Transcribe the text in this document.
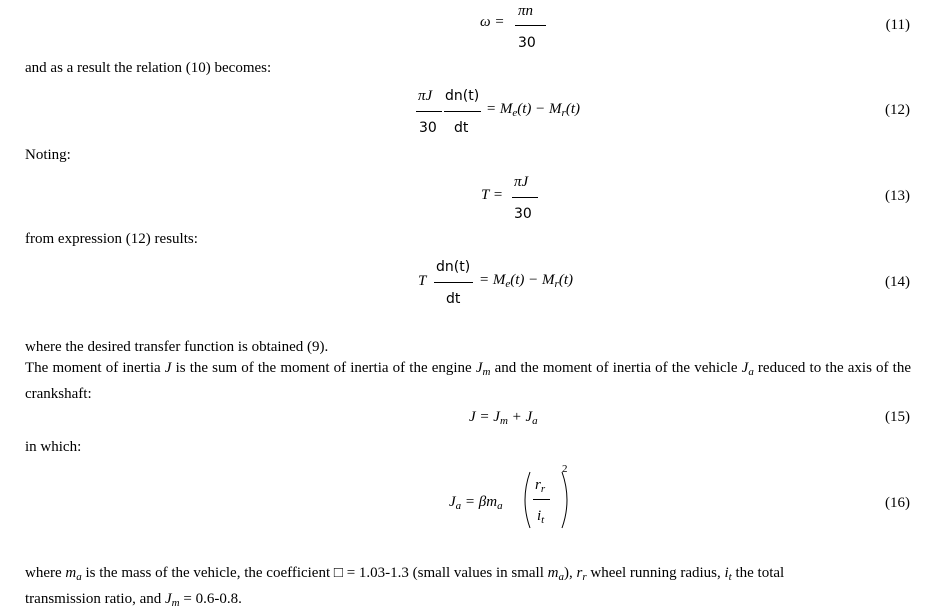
ω =
πn
30
(11)
and as a result the relation (10) becomes:
πJ
30
dn(t)
dt
= $M_e(t) - M_r(t)$	(12)
Noting:
T =
πJ
30
(13)
from expression (12) results:
T
dn(t)
dt
= $M_e(t) - M_r(t)$	(14)
where the desired transfer function is obtained (9).
The moment of inertia J is the sum of the moment of inertia of the engine $J_m$ and the moment of inertia of the vehicle $J_a$ reduced to the axis of the crankshaft:
$J = J_m + J_a$	(15)
in which:
$J_a = \beta m_a$
$r_r$
$i_t$
2
(16)
where $m_a$ is the mass of the vehicle, the coefficient □ = 1.03-1.3 (small values in small $m_a$), $r_r$ wheel running radius, $i_t$ the total
transmission ratio, and $J_m = 0.6-0.8$.
